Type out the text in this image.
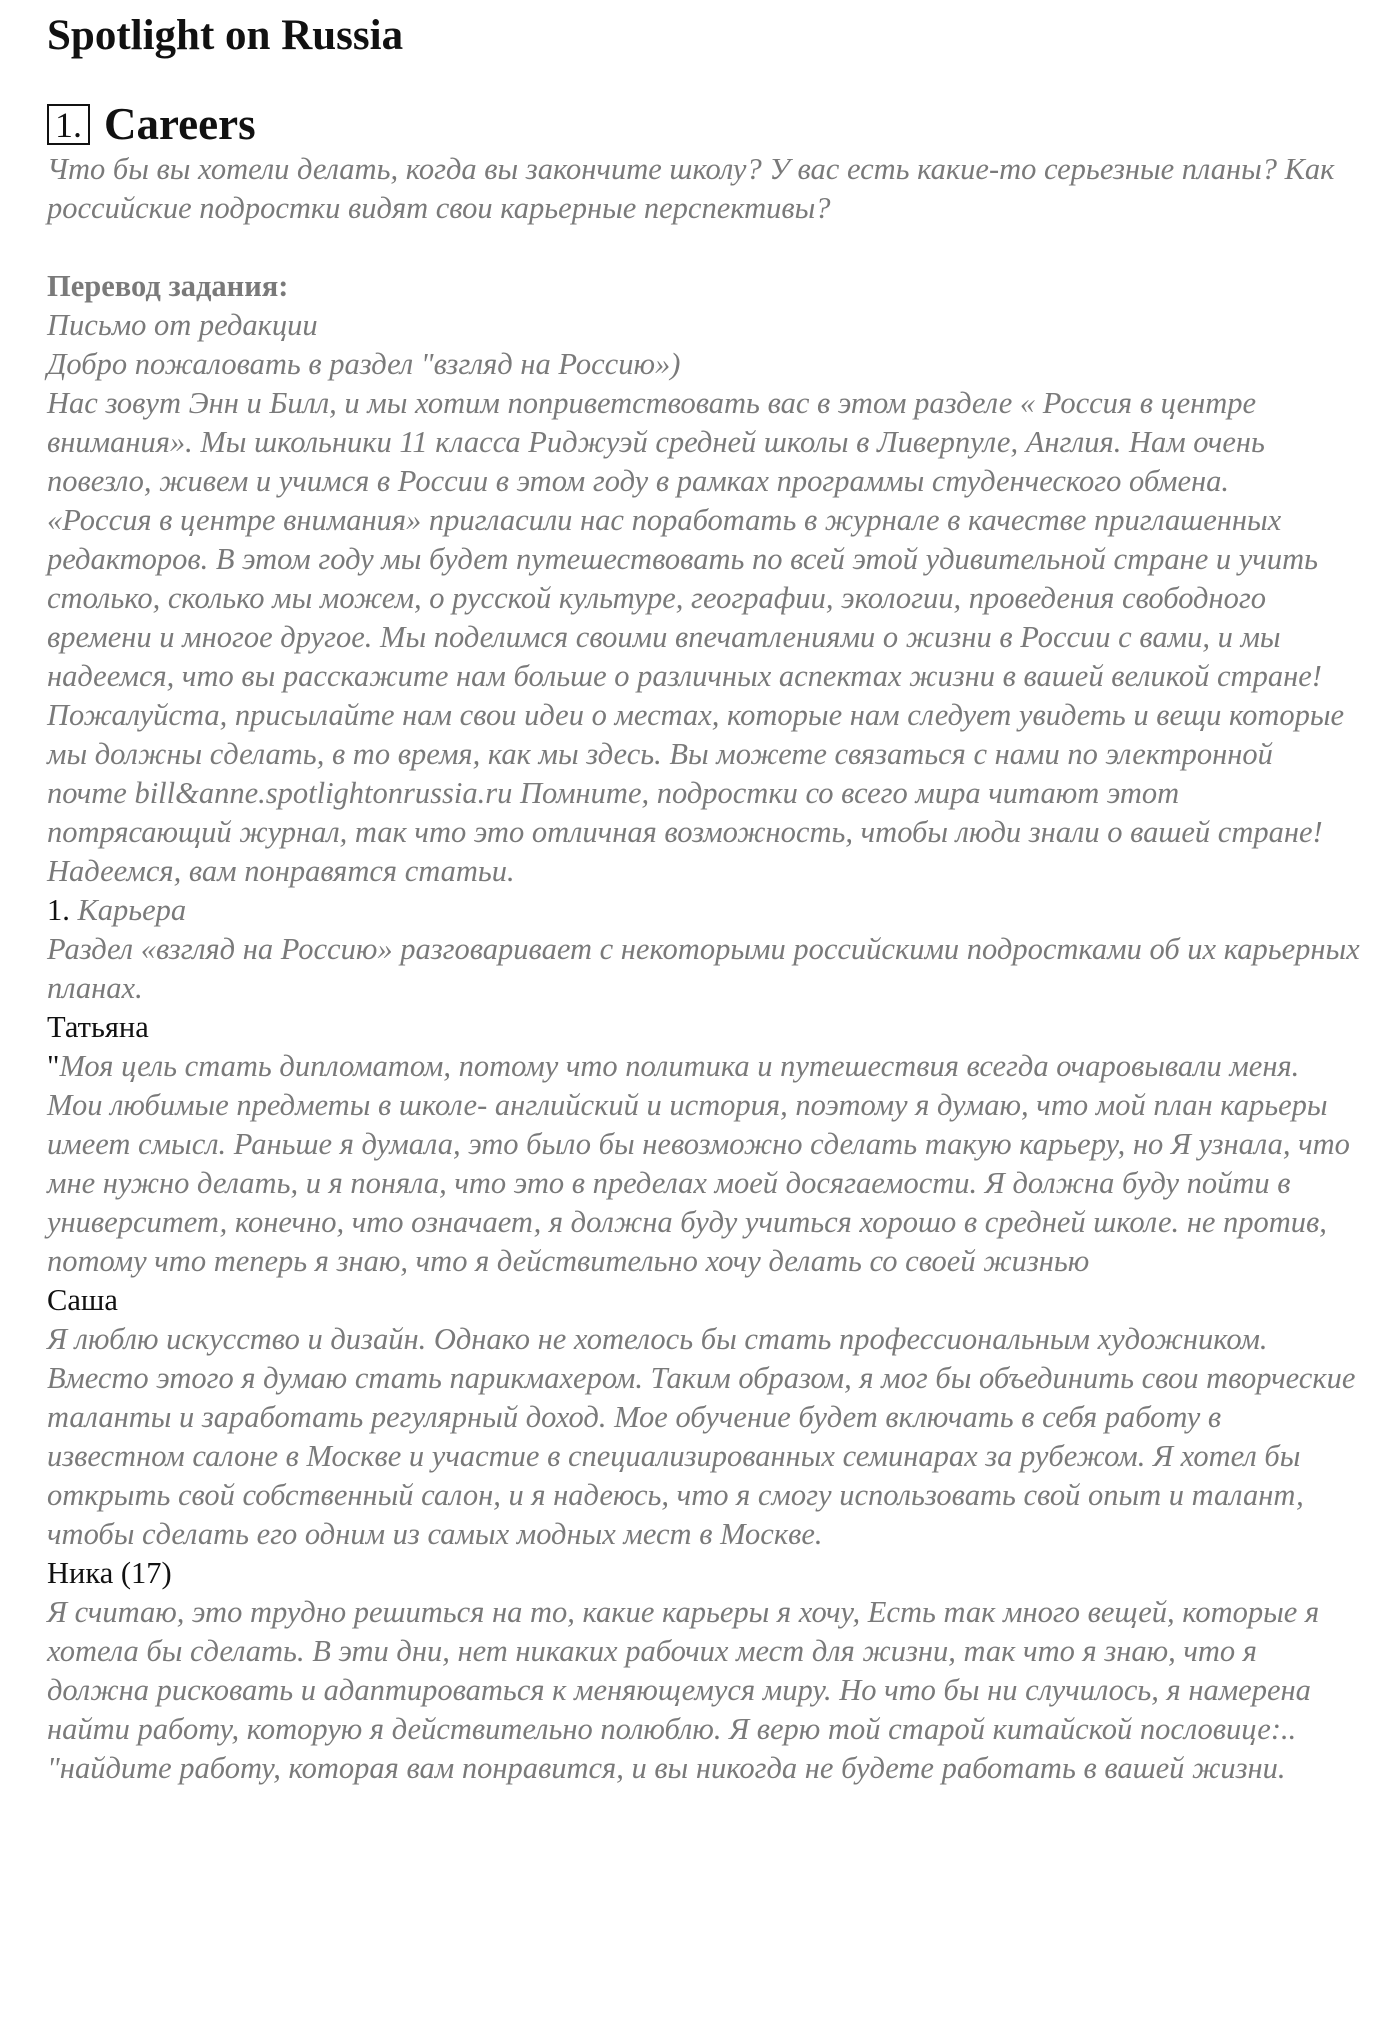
Spotlight on Russia
1. Careers

Что бы вы хотели делать, когда вы закончите школу? У вас есть какие-то серьезные планы? Как российские подростки видят свои карьерные перспективы?

Перевод задания:

Письмо от редакции

Добро пожаловать в раздел "взгляд на Россию»)

Нас зовут Энн и Билл, и мы хотим поприветствовать вас в этом разделе « Россия в центре внимания». Мы школьники 11 класса Риджуэй средней школы в Ливерпуле, Англия. Нам очень повезло, живем и учимся в России в этом году в рамках программы студенческого обмена.

«Россия в центре внимания» пригласили нас поработать в журнале в качестве приглашенных редакторов. В этом году мы будет путешествовать по всей этой удивительной стране и учить столько, сколько мы можем, о русской культуре, географии, экологии, проведения свободного времени и многое другое. Мы поделимся своими впечатлениями о жизни в России с вами, и мы надеемся, что вы расскажите нам больше о различных аспектах жизни в вашей великой стране!

Пожалуйста, присылайте нам свои идеи о местах, которые нам следует увидеть и вещи которые мы должны сделать, в то время, как мы здесь. Вы можете связаться с нами по электронной почте bill&anne.spotlightonrussia.ru Помните, подростки со всего мира читают этот потрясающий журнал, так что это отличная возможность, чтобы люди знали о вашей стране!

Надеемся, вам понравятся статьи.

1. Карьера

Раздел «взгляд на Россию» разговаривает с некоторыми российскими подростками об их карьерных планах.

Татьяна

"Моя цель стать дипломатом, потому что политика и путешествия всегда очаровывали меня. Мои любимые предметы в школе- английский и история, поэтому я думаю, что мой план карьеры имеет смысл. Раньше я думала, это было бы невозможно сделать такую карьеру, но Я узнала, что мне нужно делать, и я поняла, что это в пределах моей досягаемости. Я должна буду пойти в университет, конечно, что означает, я должна буду учиться хорошо в средней школе. не против, потому что теперь я знаю, что я действительно хочу делать со своей жизнью

Саша

Я люблю искусство и дизайн. Однако не хотелось бы стать профессиональным художником. Вместо этого я думаю стать парикмахером. Таким образом, я мог бы объединить свои творческие таланты и заработать регулярный доход. Мое обучение будет включать в себя работу в известном салоне в Москве и участие в специализированных семинарах за рубежом. Я хотел бы открыть свой собственный салон, и я надеюсь, что я смогу использовать свой опыт и талант, чтобы сделать его одним из самых модных мест в Москве.

Ника (17)

Я считаю, это трудно решиться на то, какие карьеры я хочу, Есть так много вещей, которые я хотела бы сделать. В эти дни, нет никаких рабочих мест для жизни, так что я знаю, что я должна рисковать и адаптироваться к меняющемуся миру. Но что бы ни случилось, я намерена найти работу, которую я действительно полюблю. Я верю той старой китайской пословице:.. "найдите работу, которая вам понравится, и вы никогда не будете работать в вашей жизни.
